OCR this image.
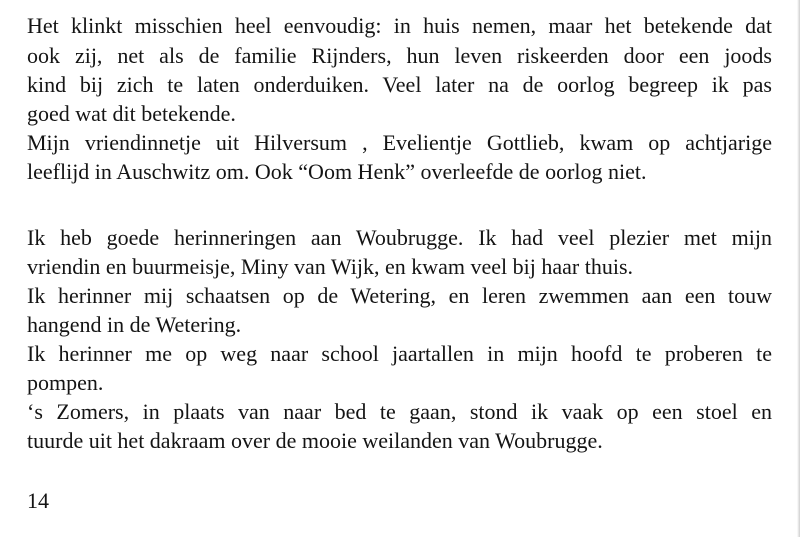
Het klinkt misschien heel eenvoudig: in huis nemen, maar het betekende dat
ook zij, net als de familie Rijnders, hun leven riskeerden door een joods
kind bij zich te laten onderduiken. Veel later na de oorlog begreep ik pas
goed wat dit betekende.
Mijn vriendinnetje uit Hilversum , Evelientje Gottlieb, kwam op achtjarige
leeflijd in Auschwitz om. Ook “Oom Henk” overleefde de oorlog niet.
Ik heb goede herinneringen aan Woubrugge. Ik had veel plezier met mijn
vriendin en buurmeisje, Miny van Wijk, en kwam veel bij haar thuis.
Ik herinner mij schaatsen op de Wetering, en leren zwemmen aan een touw
hangend in de Wetering.
Ik herinner me op weg naar school jaartallen in mijn hoofd te proberen te
pompen.
‘s Zomers, in plaats van naar bed te gaan, stond ik vaak op een stoel en
tuurde uit het dakraam over de mooie weilanden van Woubrugge.
14
